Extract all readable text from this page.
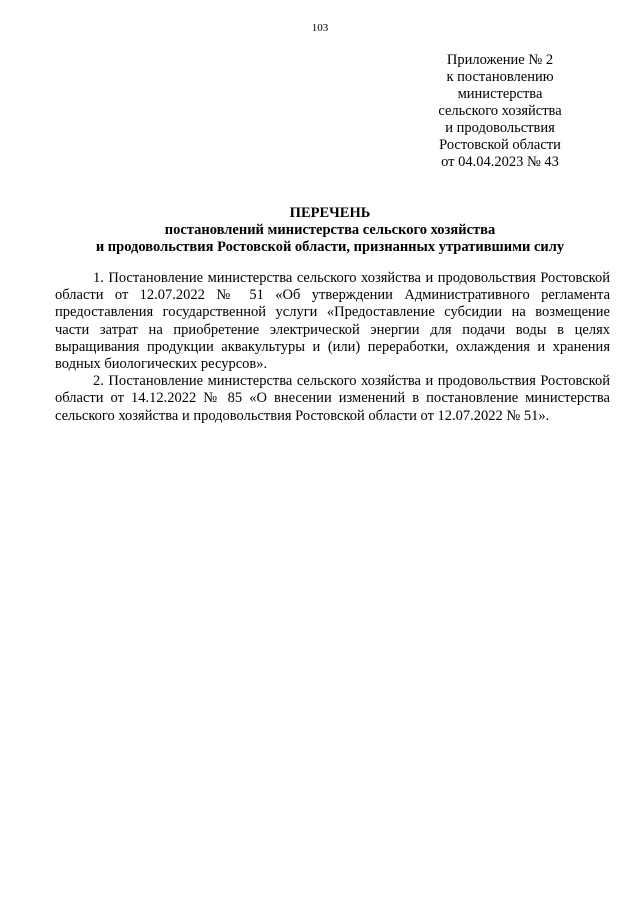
103
Приложение № 2
к постановлению
министерства
сельского хозяйства
и продовольствия
Ростовской области
от 04.04.2023 № 43
ПЕРЕЧЕНЬ
постановлений министерства сельского хозяйства
и продовольствия Ростовской области, признанных утратившими силу

1. Постановление министерства сельского хозяйства и продовольствия Ростовской области от 12.07.2022 № 51 «Об утверждении Административного регламента предоставления государственной услуги «Предоставление субсидии на возмещение части затрат на приобретение электрической энергии для подачи воды в целях выращивания продукции аквакультуры и (или) переработки, охлаждения и хранения водных биологических ресурсов».

2. Постановление министерства сельского хозяйства и продовольствия Ростовской области от 14.12.2022 № 85 «О внесении изменений в постановление министерства сельского хозяйства и продовольствия Ростовской области от 12.07.2022 № 51».
